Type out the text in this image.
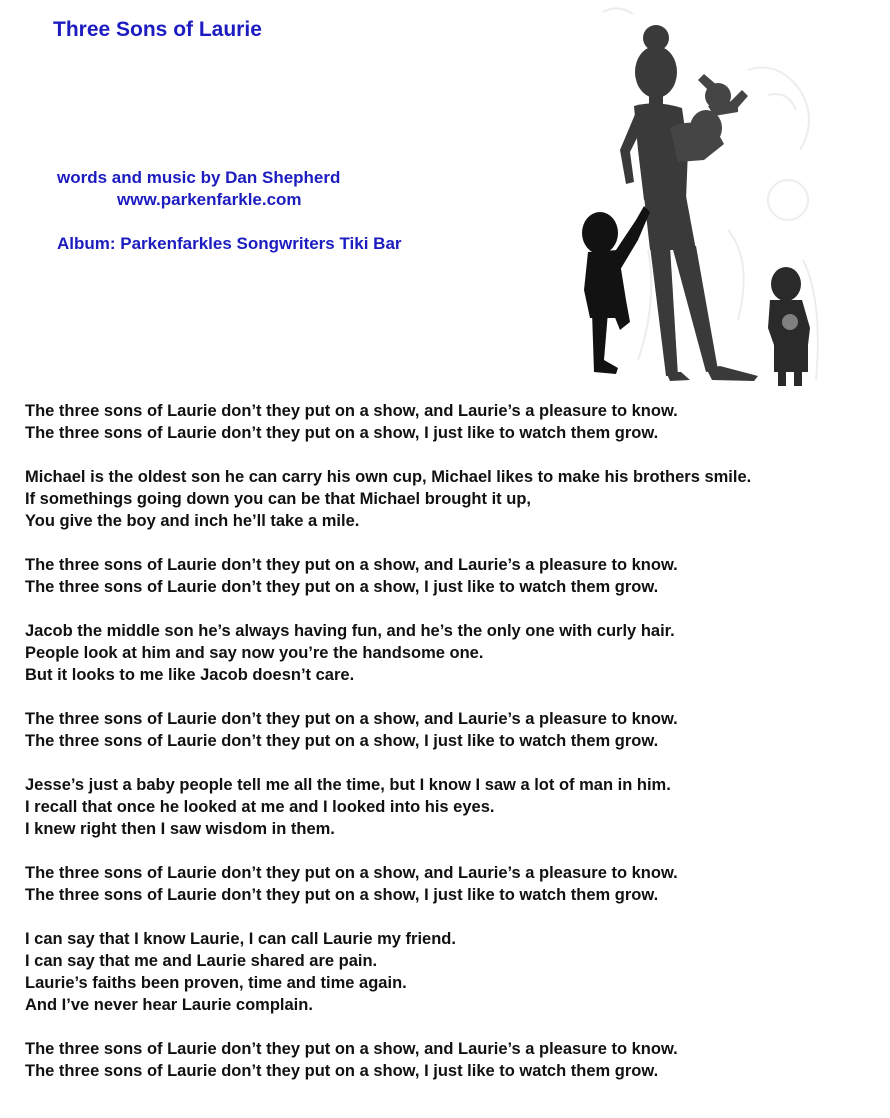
Three Sons of Laurie
words and music by Dan Shepherd
www.parkenfarkle.com
Album: Parkenfarkles Songwriters Tiki Bar
The three sons of Laurie don’t they put on a show, and Laurie’s a pleasure to know.
The three sons of Laurie don’t they put on a show, I just like to watch them grow.
Michael is the oldest son he can carry his own cup, Michael likes to make his brothers smile.
If somethings going down you can be that Michael brought it up,
You give the boy and inch he’ll take a mile.
The three sons of Laurie don’t they put on a show, and Laurie’s a pleasure to know.
The three sons of Laurie don’t they put on a show, I just like to watch them grow.
Jacob the middle son he’s always having fun, and he’s the only one with curly hair.
People look at him and say now you’re the handsome one.
But it looks to me like Jacob doesn’t care.
The three sons of Laurie don’t they put on a show, and Laurie’s a pleasure to know.
The three sons of Laurie don’t they put on a show, I just like to watch them grow.
Jesse’s just a baby people tell me all the time, but I know I saw a lot of man in him.
I recall that once he looked at me and I looked into his eyes.
I knew right then I saw wisdom in them.
The three sons of Laurie don’t they put on a show, and Laurie’s a pleasure to know.
The three sons of Laurie don’t they put on a show, I just like to watch them grow.
I can say that I know Laurie, I can call Laurie my friend.
I can say that me and Laurie shared are pain.
Laurie’s faiths been proven, time and time again.
And I’ve never hear Laurie complain.
The three sons of Laurie don’t they put on a show, and Laurie’s a pleasure to know.
The three sons of Laurie don’t they put on a show, I just like to watch them grow.
